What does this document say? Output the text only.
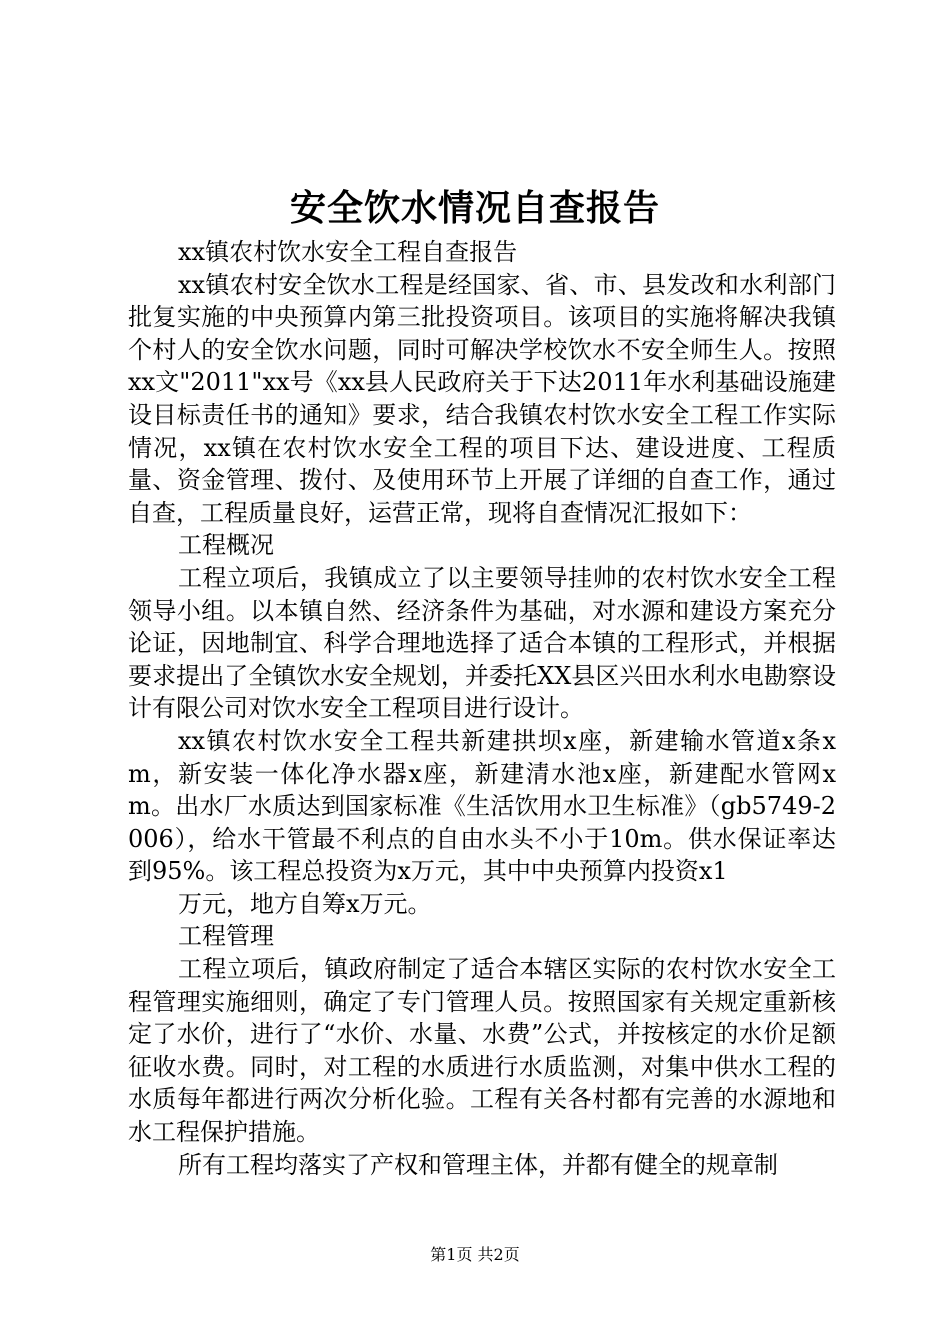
安全饮水情况自查报告

xx镇农村饮水安全工程自查报告

xx镇农村安全饮水工程是经国家、省、市、县发改和水利部门批复实施的中央预算内第三批投资项目。该项目的实施将解决我镇个村人的安全饮水问题，同时可解决学校饮水不安全师生人。按照xx文"2011"xx号《xx县人民政府关于下达2011年水利基础设施建设目标责任书的通知》要求，结合我镇农村饮水安全工程工作实际情况，xx镇在农村饮水安全工程的项目下达、建设进度、工程质量、资金管理、拨付、及使用环节上开展了详细的自查工作，通过自查，工程质量良好，运营正常，现将自查情况汇报如下：

工程概况

工程立项后，我镇成立了以主要领导挂帅的农村饮水安全工程领导小组。以本镇自然、经济条件为基础，对水源和建设方案充分论证，因地制宜、科学合理地选择了适合本镇的工程形式，并根据要求提出了全镇饮水安全规划，并委托XX县区兴田水利水电勘察设计有限公司对饮水安全工程项目进行设计。

xx镇农村饮水安全工程共新建拱坝x座，新建输水管道x条xm，新安装一体化净水器x座，新建清水池x座，新建配水管网xm。出水厂水质达到国家标准《生活饮用水卫生标准》（gb5749-2006），给水干管最不利点的自由水头不小于10m。供水保证率达到95%。该工程总投资为x万元，其中中央预算内投资x1

万元，地方自筹x万元。

工程管理

工程立项后，镇政府制定了适合本辖区实际的农村饮水安全工程管理实施细则，确定了专门管理人员。按照国家有关规定重新核定了水价，进行了“水价、水量、水费”公式，并按核定的水价足额征收水费。同时，对工程的水质进行水质监测，对集中供水工程的水质每年都进行两次分析化验。工程有关各村都有完善的水源地和水工程保护措施。

所有工程均落实了产权和管理主体，并都有健全的规章制

第1页 共2页
